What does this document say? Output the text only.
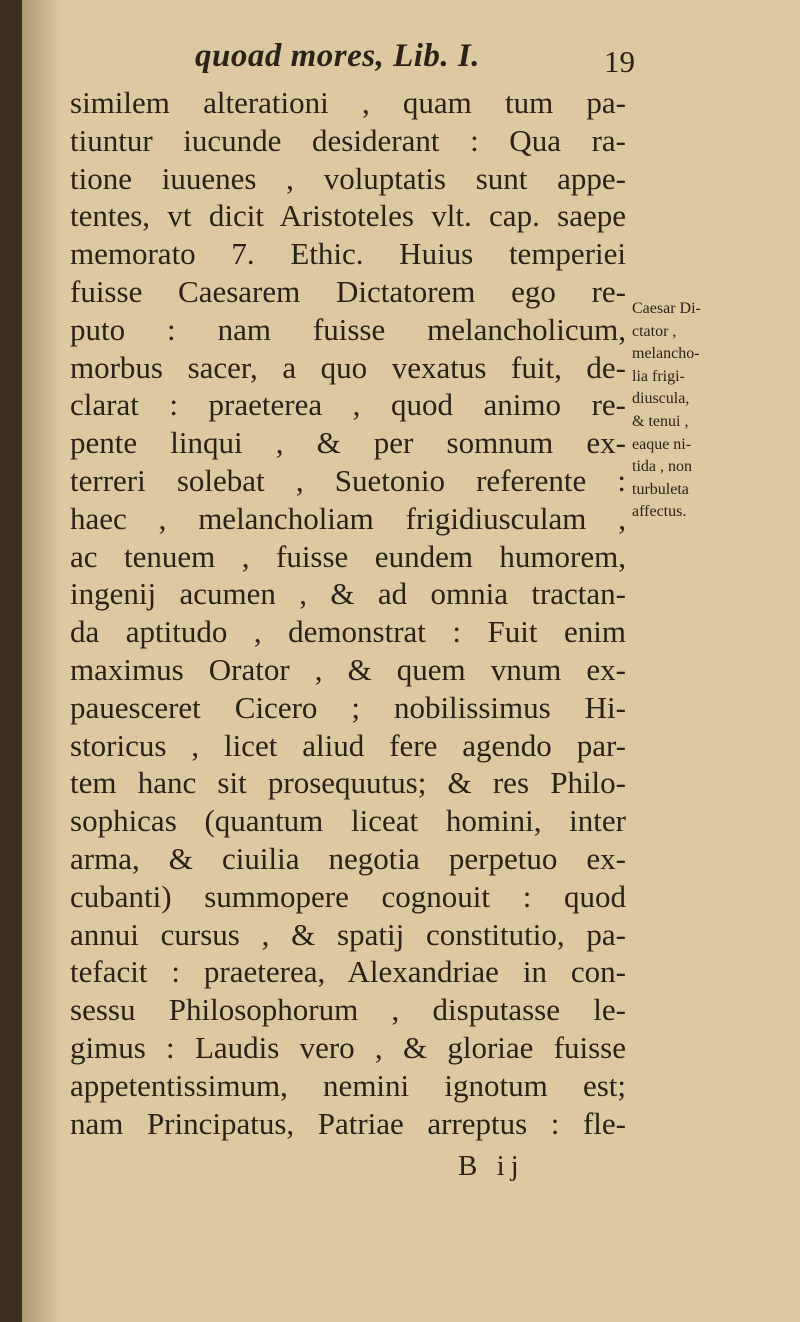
quoad mores, Lib. I.	19
similem alterationi , quam tum pa-
tiuntur iucunde desiderant : Qua ra-
tione iuuenes , voluptatis sunt appe-
tentes, vt dicit Aristoteles vlt. cap. saepe
memorato 7. Ethic. Huius temperiei
fuisse Caesarem Dictatorem ego re-
puto : nam fuisse melancholicum,
morbus sacer, a quo vexatus fuit, de-
clarat : praeterea , quod animo re-
pente linqui , & per somnum ex-
terreri solebat , Suetonio referente :
haec , melancholiam frigidiusculam ,
ac tenuem , fuisse eundem humorem,
ingenij acumen , & ad omnia tractan-
da aptitudo , demonstrat : Fuit enim
maximus Orator , & quem vnum ex-
pauesceret Cicero ; nobilissimus Hi-
storicus , licet aliud fere agendo par-
tem hanc sit prosequutus; & res Philo-
sophicas (quantum liceat homini, inter
arma, & ciuilia negotia perpetuo ex-
cubanti) summopere cognouit : quod
annui cursus , & spatij constitutio, pa-
tefacit : praeterea, Alexandriae in con-
sessu Philosophorum , disputasse le-
gimus : Laudis vero , & gloriae fuisse
appetentissimum, nemini ignotum est;
nam Principatus, Patriae arreptus : fle-
Caesar Di-
ctator ,
melancho-
lia frigi-
diuscula,
& tenui ,
eaque ni-
tida , non
turbuleta
affectus.
B ij
